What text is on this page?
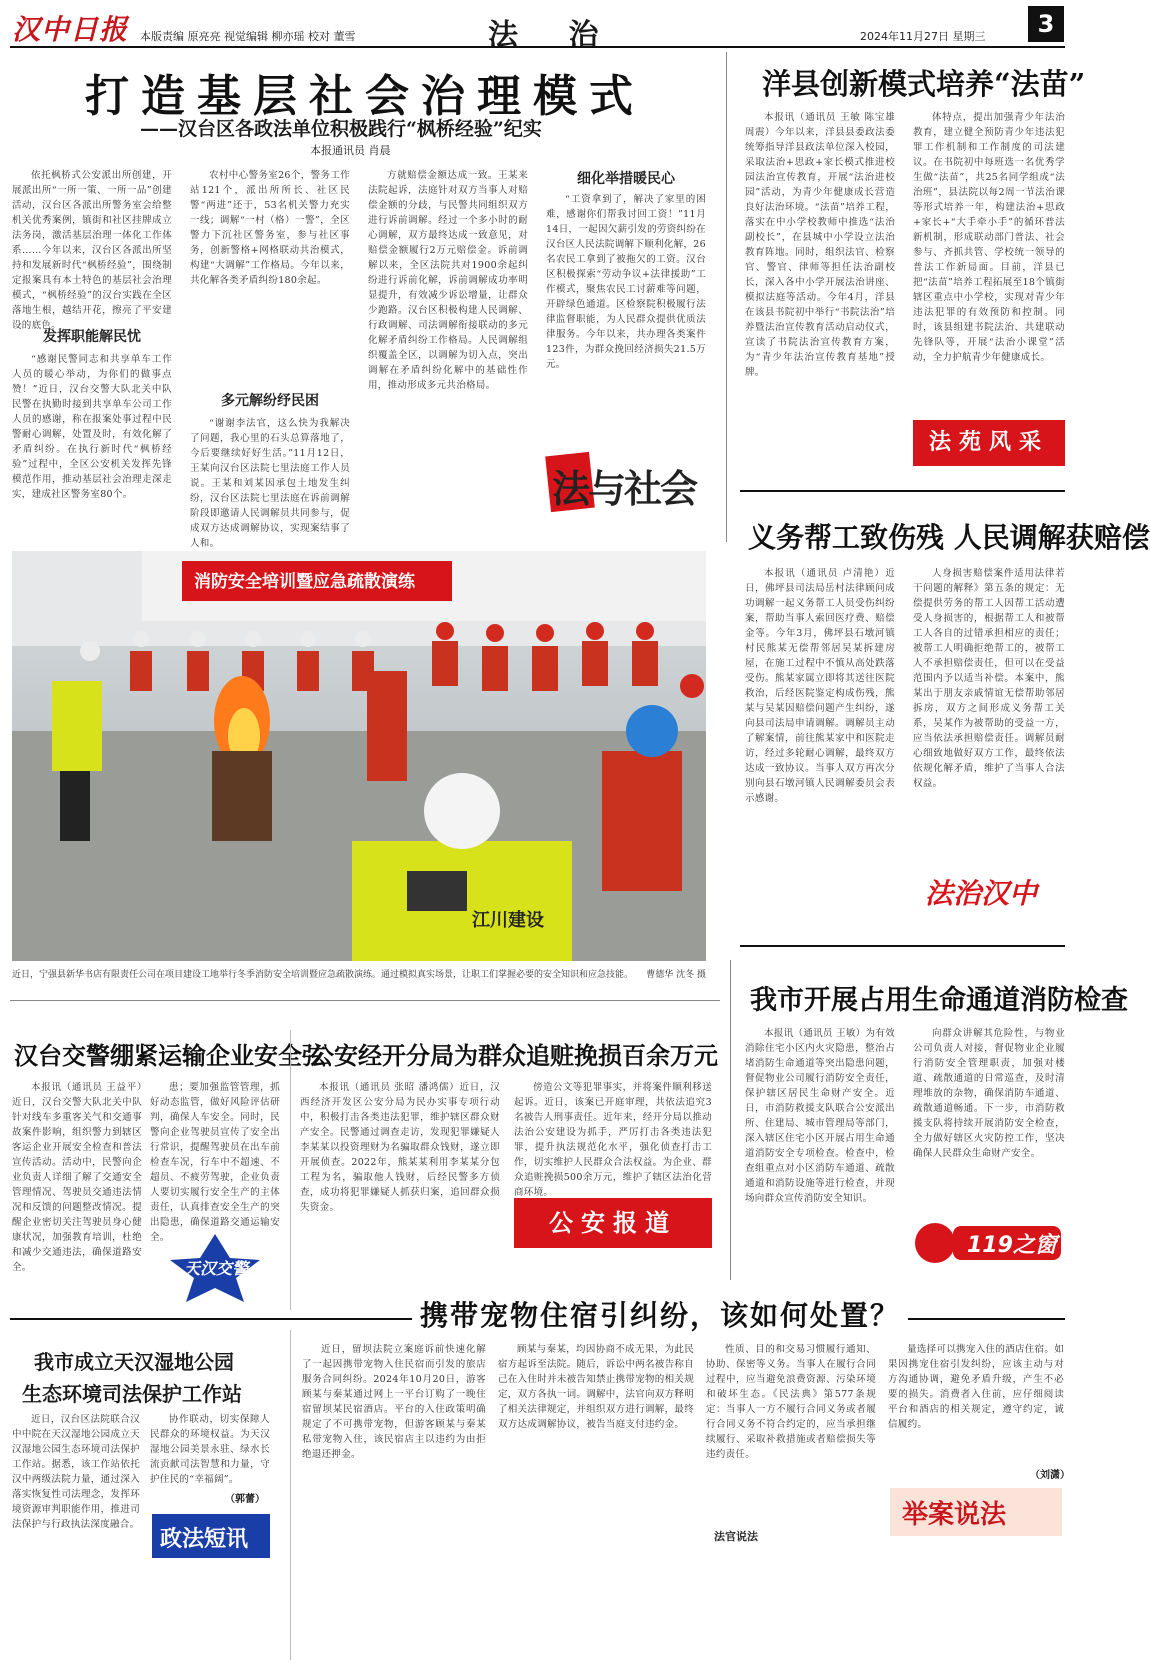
汉中日报 本版责编 原亮亮 视觉编辑 柳亦瑶 校对 董雪	法 治	2024年11月27日 星期三	3
打造基层社会治理模式
——汉台区各政法单位积极践行“枫桥经验”纪实
本报通讯员 肖晨

依托枫桥式公安派出所创建，开展派出所“一所一策、一所一品”创建活动，汉台区各派出所警务室会给整机关优秀案例，镇街和社区挂牌成立法务岗，激活基层治理一体化工作体系……今年以来，汉台区各派出所坚持和发展新时代“枫桥经验”，围绕制定报案具有本土特色的基层社会治理模式，“枫桥经验”的汉台实践在全区落地生根，越结开花，擦亮了平安建设的底色。

发挥职能解民忧

“感谢民警同志和共享单车工作人员的暖心举动，为你们的做事点赞！”近日，汉台交警大队北关中队民警在执勤时接到共享单车公司工作人员的感谢，称在报案处事过程中民警耐心调解，处置及时，有效化解了矛盾纠纷。在执行新时代“枫桥经验”过程中，全区公安机关发挥先锋模范作用，推动基层社会治理走深走实，建成社区警务室80个。

农村中心警务室26个，警务工作站121个，派出所所长、社区民警“两进”还于，53名机关警力充实一线；调解“一村（格）一警”，全区警力下沉社区警务室，参与社区事务，创新警格+网格联动共治模式，构建“大调解”工作格局。今年以来，共化解各类矛盾纠纷180余起。

多元解纷纾民困

“谢谢李法官，这么快为我解决了问题，我心里的石头总算落地了，今后要继续好好生活。”11月12日，王某向汉台区法院七里法庭工作人员说。王某和刘某因承包土地发生纠纷，汉台区法院七里法庭在诉前调解阶段即邀请人民调解员共同参与，促成双方达成调解协议，实现案结事了人和。

方就赔偿金额达成一致。王某来法院起诉，法庭针对双方当事人对赔偿金额的分歧，与民警共同组织双方进行诉前调解。经过一个多小时的耐心调解，双方最终达成一致意见，对赔偿金额履行2万元赔偿金。诉前调解以来，全区法院共对1900余起纠纷进行诉前化解，诉前调解成功率明显提升，有效减少诉讼增量，让群众少跑路。汉台区积极构建人民调解、行政调解、司法调解衔接联动的多元化解矛盾纠纷工作格局。人民调解组织覆盖全区，以调解为切入点，突出调解在矛盾纠纷化解中的基础性作用，推动形成多元共治格局。

细化举措暖民心

“工资拿到了，解决了家里的困难，感谢你们帮我讨回工资！”11月14日，一起因欠薪引发的劳资纠纷在汉台区人民法院调解下顺利化解，26名农民工拿到了被拖欠的工资。汉台区积极探索“劳动争议+法律援助”工作模式，聚焦农民工讨薪难等问题，开辟绿色通道。区检察院积极履行法律监督职能，为人民群众提供优质法律服务。今年以来，共办理各类案件123件，为群众挽回经济损失21.5万元。

法与社会
洋县创新模式培养“法苗”

本报讯（通讯员 王敏 陈宝雄 周震）今年以来，洋县县委政法委统筹指导洋县政法单位深入校园，采取法治+思政+家长模式推进校园法治宣传教育，开展“法治进校园”活动，为青少年健康成长营造良好法治环境。“法苗”培养工程，落实在中小学校教师中推选“法治副校长”，在县城中小学设立法治教育阵地。同时，组织法官、检察官、警官、律师等担任法治副校长，深入各中小学开展法治讲座、模拟法庭等活动。今年4月，洋县在该县书院初中举行“书院法治”培养暨法治宣传教育活动启动仪式，宣读了书院法治宣传教育方案，为“青少年法治宣传教育基地”授牌。

体特点，提出加强青少年法治教育，建立健全预防青少年违法犯罪工作机制和工作制度的司法建议。在书院初中每班选一名优秀学生做“法苗”，共25名同学组成“法治班”，县法院以每2周一节法治课等形式培养一年，构建法治+思政+家长+“大手牵小手”的循环普法新机制，形成联动部门普法、社会参与、齐抓共管、学校统一领导的普法工作新局面。目前，洋县已把“法苗”培养工程拓展至18个镇街辖区重点中小学校，实现对青少年违法犯罪的有效预防和控制。同时，该县组建书院法治、共建联动先锋队等，开展“法治小课堂”活动，全力护航青少年健康成长。

法苑风采
消防安全培训暨应急疏散演练
江川建设
近日，宁强县新华书店有限责任公司在项目建设工地举行冬季消防安全培训暨应急疏散演练。通过模拟真实场景，让职工们掌握必要的安全知识和应急技能。 曹德华 沈冬 摄
义务帮工致伤残 人民调解获赔偿

本报讯（通讯员 卢清艳）近日，佛坪县司法局岳村法律顾问成功调解一起义务帮工人员受伤纠纷案，帮助当事人索回医疗费、赔偿金等。今年3月，佛坪县石墩河镇村民熊某无偿帮邻居吴某拆建房屋，在施工过程中不慎从高处跌落受伤。熊某家属立即将其送往医院救治，后经医院鉴定构成伤残，熊某与吴某因赔偿问题产生纠纷，遂向县司法局申请调解。调解员主动了解案情，前往熊某家中和医院走访，经过多轮耐心调解，最终双方达成一致协议。当事人双方再次分别向县石墩河镇人民调解委员会表示感谢。

人身损害赔偿案件适用法律若干问题的解释》第五条的规定：无偿提供劳务的帮工人因帮工活动遭受人身损害的，根据帮工人和被帮工人各自的过错承担相应的责任；被帮工人明确拒绝帮工的，被帮工人不承担赔偿责任，但可以在受益范围内予以适当补偿。本案中，熊某出于朋友亲戚情谊无偿帮助邻居拆房，双方之间形成义务帮工关系，吴某作为被帮助的受益一方，应当依法承担赔偿责任。调解员耐心细致地做好双方工作，最终依法依规化解矛盾，维护了当事人合法权益。

法治汉中
我市开展占用生命通道消防检查

本报讯（通讯员 王敏）为有效消除住宅小区内火灾隐患，整治占堵消防生命通道等突出隐患问题，督促物业公司履行消防安全责任，保护辖区居民生命财产安全。近日，市消防救援支队联合公安派出所、住建局、城市管理局等部门，深入辖区住宅小区开展占用生命通道消防安全专项检查。检查中，检查组重点对小区消防车通道、疏散通道和消防设施等进行检查，并现场向群众宣传消防安全知识。

向群众讲解其危险性，与物业公司负责人对接，督促物业企业履行消防安全管理职责，加强对楼道、疏散通道的日常巡查，及时清理堆放的杂物，确保消防车通道、疏散通道畅通。下一步，市消防救援支队将持续开展消防安全检查，全力做好辖区火灾防控工作，坚决确保人民群众生命财产安全。

119之窗
汉台交警绷紧运输企业安全弦

本报讯（通讯员 王益平）近日，汉台交警大队北关中队针对线车多重客关气和交通事故案件影响，组织警力到辖区客运企业开展安全检查和普法宣传活动。活动中，民警向企业负责人详细了解了交通安全管理情况、驾驶员交通违法情况和反馈的问题整改情况。提醒企业密切关注驾驶员身心健康状况，加强教育培训，杜绝和减少交通违法，确保道路安全。

患；要加强监管管理，抓好动态监管，做好风险评估研判，确保人车安全。同时，民警向企业驾驶员宣传了安全出行常识，提醒驾驶员在出车前检查车况，行车中不超速、不超员、不疲劳驾驶，企业负责人要切实履行安全生产的主体责任，认真排查安全生产的突出隐患，确保道路交通运输安全。

天汉交警
公安经开分局为群众追赃挽损百余万元

本报讯（通讯员 张昭 潘鸿儒）近日，汉西经济开发区公安分局为民办实事专项行动中，积极打击各类违法犯罪，维护辖区群众财产安全。民警通过调查走访，发现犯罪嫌疑人李某某以投资理财为名骗取群众钱财，遂立即开展侦查。2022年，熊某某利用李某某分包工程为名，骗取他人钱财，后经民警多方侦查，成功将犯罪嫌疑人抓获归案，追回群众损失资金。

傍造公文等犯罪事实，并将案件顺利移送起诉。近日，该案已开庭审理，共依法追究3名被告人刑事责任。近年来，经开分局以推动法治公安建设为抓手，严厉打击各类违法犯罪，提升执法规范化水平，强化侦查打击工作，切实维护人民群众合法权益。为企业、群众追赃挽损500余万元，维护了辖区法治化营商环境。

公安报道
我市成立天汉湿地公园
生态环境司法保护工作站

近日，汉台区法院联合汉中中院在天汉湿地公园成立天汉湿地公园生态环境司法保护工作站。据悉，该工作站依托汉中两级法院力量，通过深入落实恢复性司法理念，发挥环境资源审判职能作用，推进司法保护与行政执法深度融合。

协作联动，切实保障人民群众的环境权益。为天汉湿地公园美景永驻、绿水长流贡献司法智慧和力量，守护住民的“幸福阔”。

（郭蕾）
政法短讯
携带宠物住宿引纠纷，该如何处置？

近日，留坝法院立案庭诉前快速化解了一起因携带宠物入住民宿而引发的旅店服务合同纠纷。2024年10月20日，游客顾某与秦某通过网上一平台订购了一晚住宿留坝某民宿酒店。平台的入住政策明确规定了不可携带宠物，但游客顾某与秦某私带宠物入住，该民宿店主以违约为由拒绝退还押金。

顾某与秦某，均因协商不成无果，为此民宿方起诉至法院。随后，诉讼中两名被告称自己在入住时并未被告知禁止携带宠物的相关规定，双方各执一词。调解中，法官向双方释明了相关法律规定，并组织双方进行调解，最终双方达成调解协议，被告当庭支付违约金。

性质、目的和交易习惯履行通知、协助、保密等义务。当事人在履行合同过程中，应当避免浪费资源、污染环境和破坏生态。《民法典》第577条规定：当事人一方不履行合同义务或者履行合同义务不符合约定的，应当承担继续履行、采取补救措施或者赔偿损失等违约责任。

法官说法

量选择可以携宠入住的酒店住宿。如果因携宠住宿引发纠纷，应该主动与对方沟通协调，避免矛盾升级，产生不必要的损失。消费者入住前，应仔细阅读平台和酒店的相关规定，遵守约定，诚信履约。

（刘潇）
举案说法
